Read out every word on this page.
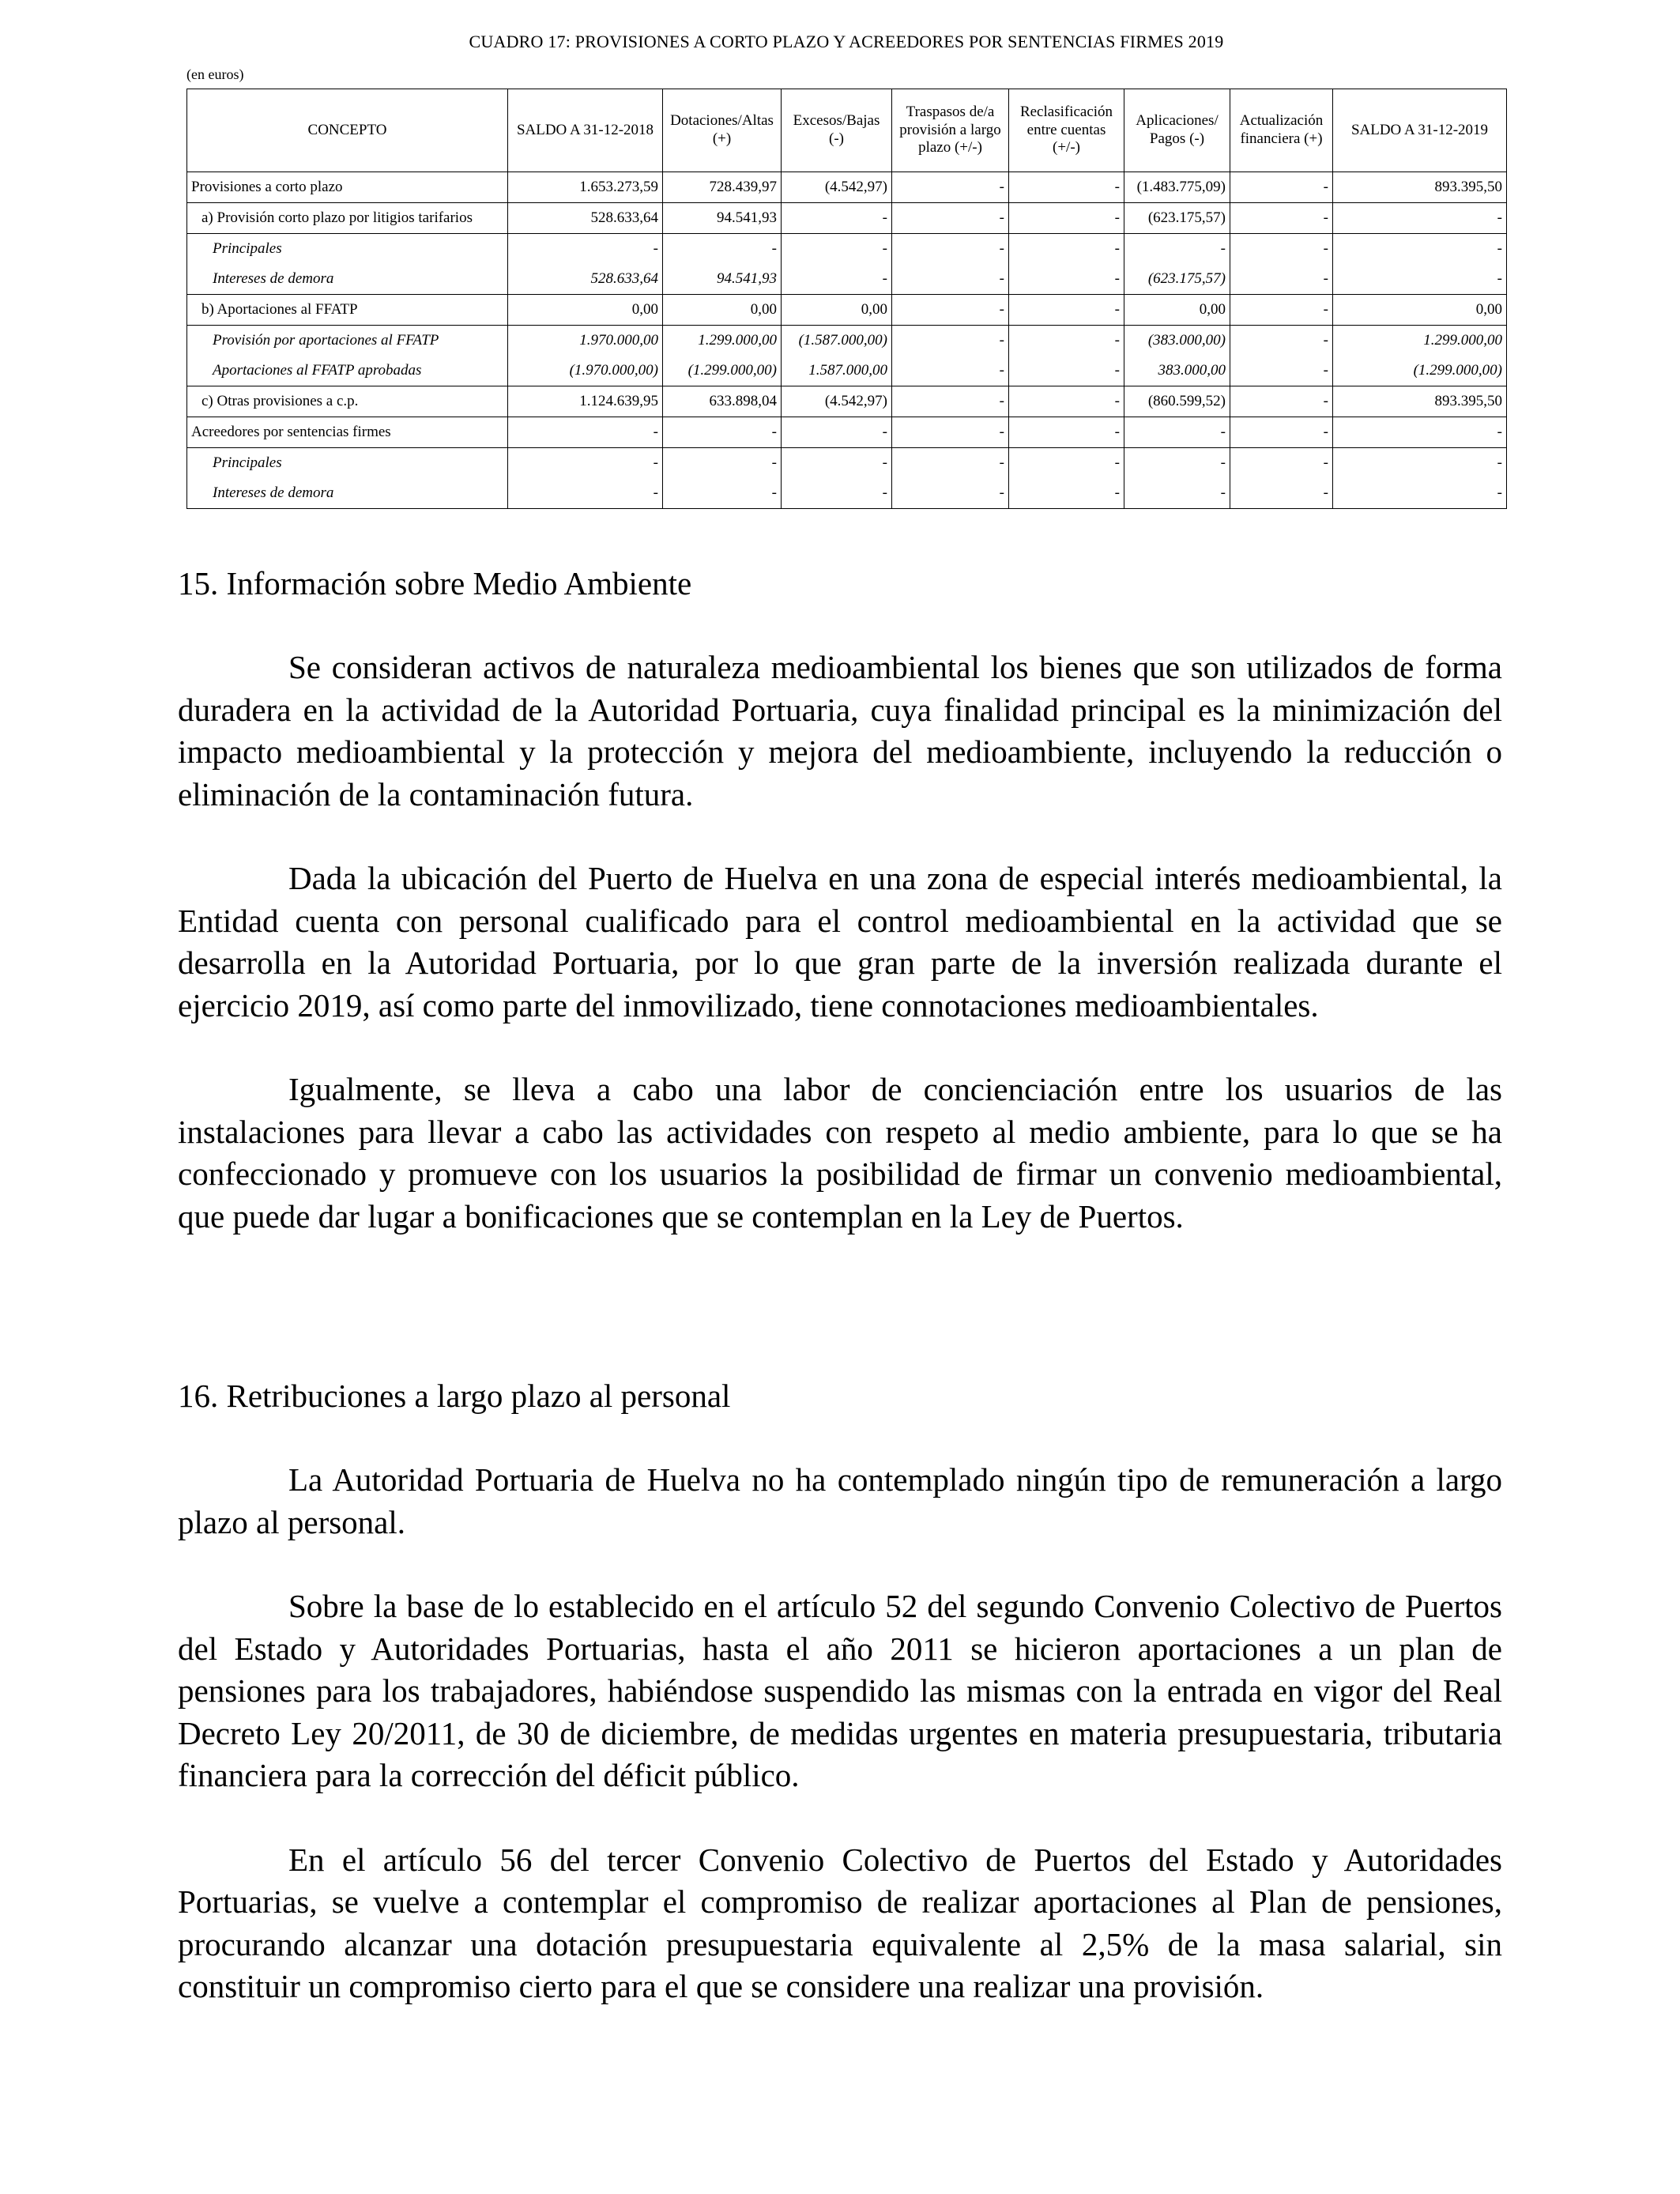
CUADRO 17: PROVISIONES A CORTO PLAZO Y ACREEDORES POR SENTENCIAS FIRMES 2019
(en euros)
CONCEPTO	SALDO A 31-12-2018	Dotaciones/Altas (+)	Excesos/Bajas (-)	Traspasos de/a provisión a largo plazo (+/-)	Reclasificación entre cuentas (+/-)	Aplicaciones/ Pagos (-)	Actualización financiera (+)	SALDO A 31-12-2019
Provisiones a corto plazo	1.653.273,59	728.439,97	(4.542,97)	-	-	(1.483.775,09)	-	893.395,50
a) Provisión corto plazo por litigios tarifarios	528.633,64	94.541,93	-	-	-	(623.175,57)	-	-
Principales	-	-	-	-	-	-	-	-
Intereses de demora	528.633,64	94.541,93	-	-	-	(623.175,57)	-	-
b) Aportaciones al FFATP	0,00	0,00	0,00	-	-	0,00	-	0,00
Provisión por aportaciones al FFATP	1.970.000,00	1.299.000,00	(1.587.000,00)	-	-	(383.000,00)	-	1.299.000,00
Aportaciones al FFATP aprobadas	(1.970.000,00)	(1.299.000,00)	1.587.000,00	-	-	383.000,00	-	(1.299.000,00)
c) Otras provisiones a c.p.	1.124.639,95	633.898,04	(4.542,97)	-	-	(860.599,52)	-	893.395,50
Acreedores por sentencias firmes	-	-	-	-	-	-	-	-
Principales	-	-	-	-	-	-	-	-
Intereses de demora	-	-	-	-	-	-	-	-
15. Información sobre Medio Ambiente

Se consideran activos de naturaleza medioambiental los bienes que son utilizados de forma duradera en la actividad de la Autoridad Portuaria, cuya finalidad principal es la minimización del impacto medioambiental y la protección y mejora del medioambiente, incluyendo la reducción o eliminación de la contaminación futura.

Dada la ubicación del Puerto de Huelva en una zona de especial interés medioambiental, la Entidad cuenta con personal cualificado para el control medioambiental en la actividad que se desarrolla en la Autoridad Portuaria, por lo que gran parte de la inversión realizada durante el ejercicio 2019, así como parte del inmovilizado, tiene connotaciones medioambientales.

Igualmente, se lleva a cabo una labor de concienciación entre los usuarios de las instalaciones para llevar a cabo las actividades con respeto al medio ambiente, para lo que se ha confeccionado y promueve con los usuarios la posibilidad de firmar un convenio medioambiental, que puede dar lugar a bonificaciones que se contemplan en la Ley de Puertos.

16. Retribuciones a largo plazo al personal

La Autoridad Portuaria de Huelva no ha contemplado ningún tipo de remuneración a largo plazo al personal.

Sobre la base de lo establecido en el artículo 52 del segundo Convenio Colectivo de Puertos del Estado y Autoridades Portuarias, hasta el año 2011 se hicieron aportaciones a un plan de pensiones para los trabajadores, habiéndose suspendido las mismas con la entrada en vigor del Real Decreto Ley 20/2011, de 30 de diciembre, de medidas urgentes en materia presupuestaria, tributaria financiera para la corrección del déficit público.

En el artículo 56 del tercer Convenio Colectivo de Puertos del Estado y Autoridades Portuarias, se vuelve a contemplar el compromiso de realizar aportaciones al Plan de pensiones, procurando alcanzar una dotación presupuestaria equivalente al 2,5% de la masa salarial, sin constituir un compromiso cierto para el que se considere una realizar una provisión.
